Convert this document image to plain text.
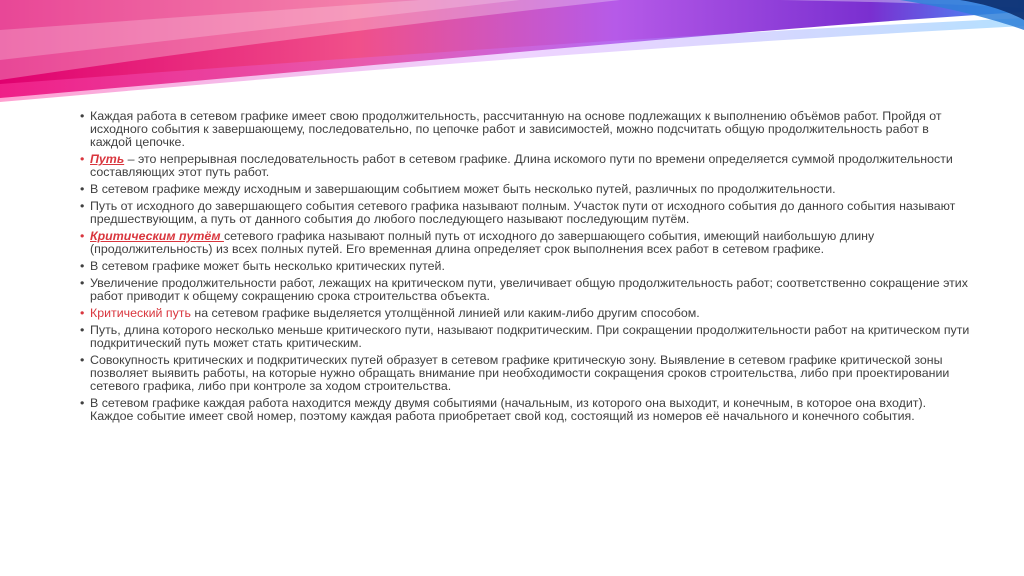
• Каждая работа в сетевом графике имеет свою продолжительность, рассчитанную на основе подлежащих к выполнению объёмов работ. Пройдя от исходного события к завершающему, последовательно, по цепочке работ и зависимостей, можно подсчитать общую продолжительность работ в каждой цепочке.
• Путь – это непрерывная последовательность работ в сетевом графике. Длина искомого пути по времени определяется суммой продолжительности составляющих этот путь работ.
• В сетевом графике между исходным и завершающим событием может быть несколько путей, различных по продолжительности.
• Путь от исходного до завершающего события сетевого графика называют полным. Участок пути от исходного события до данного события называют предшествующим, а путь от данного события до любого последующего называют последующим путём.
• Критическим путём сетевого графика называют полный путь от исходного до завершающего события, имеющий наибольшую длину (продолжительность) из всех полных путей. Его временная длина определяет срок выполнения всех работ в сетевом графике.
• В сетевом графике может быть несколько критических путей.
• Увеличение продолжительности работ, лежащих на критическом пути, увеличивает общую продолжительность работ; соответственно сокращение этих работ приводит к общему сокращению срока строительства объекта.
• Критический путь на сетевом графике выделяется утолщённой линией или каким-либо другим способом.
• Путь, длина которого несколько меньше критического пути, называют подкритическим. При сокращении продолжительности работ на критическом пути подкритический путь может стать критическим.
• Совокупность критических и подкритических путей образует в сетевом графике критическую зону. Выявление в сетевом графике критической зоны позволяет выявить работы, на которые нужно обращать внимание при необходимости сокращения сроков строительства, либо при проектировании сетевого графика, либо при контроле за ходом строительства.
• В сетевом графике каждая работа находится между двумя событиями (начальным, из которого она выходит, и конечным, в которое она входит). Каждое событие имеет свой номер, поэтому каждая работа приобретает свой код, состоящий из номеров её начального и конечного события.
